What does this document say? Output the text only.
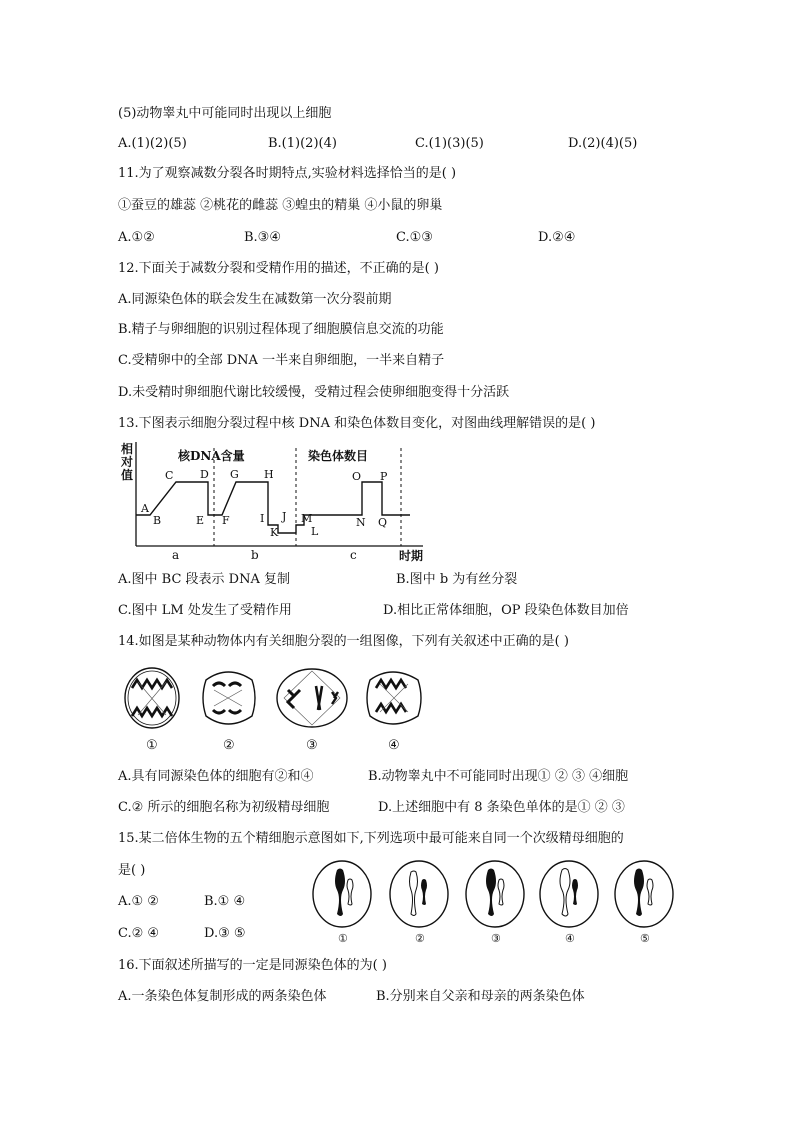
(5)动物睾丸中可能同时出现以上细胞
A.(1)(2)(5)	B.(1)(2)(4)	C.(1)(3)(5)	D.(2)(4)(5)
11.为了观察减数分裂各时期特点,实验材料选择恰当的是( )
①蚕豆的雄蕊 ②桃花的雌蕊 ③蝗虫的精巢 ④小鼠的卵巢
A.①②	B.③④	C.①③	D.②④
12.下面关于减数分裂和受精作用的描述，不正确的是( )
A.同源染色体的联会发生在减数第一次分裂前期
B.精子与卵细胞的识别过程体现了细胞膜信息交流的功能
C.受精卵中的全部 DNA 一半来自卵细胞，一半来自精子
D.未受精时卵细胞代谢比较缓慢，受精过程会使卵细胞变得十分活跃
13.下图表示细胞分裂过程中核 DNA 和染色体数目变化，对图曲线理解错误的是( )
相
对
值
时期
核DNA含量	染色体数目
A
B
C D
E F
G H
I J
K
M
L
N
O P
Q
a	b	c
A.图中 BC 段表示 DNA 复制	B.图中 b 为有丝分裂
C.图中 LM 处发生了受精作用	D.相比正常体细胞，OP 段染色体数目加倍
14.如图是某种动物体内有关细胞分裂的一组图像，下列有关叙述中正确的是( )
①	②	③	④
A.具有同源染色体的细胞有②和④	B.动物睾丸中不可能同时出现① ② ③ ④细胞
C.② 所示的细胞名称为初级精母细胞	D.上述细胞中有 8 条染色单体的是① ② ③
15.某二倍体生物的五个精细胞示意图如下,下列选项中最可能来自同一个次级精母细胞的
是( )
A.① ②	B.① ④
C.② ④	D.③ ⑤	①	②	③	④	⑤
16.下面叙述所描写的一定是同源染色体的为( )
A.一条染色体复制形成的两条染色体	B.分别来自父亲和母亲的两条染色体
